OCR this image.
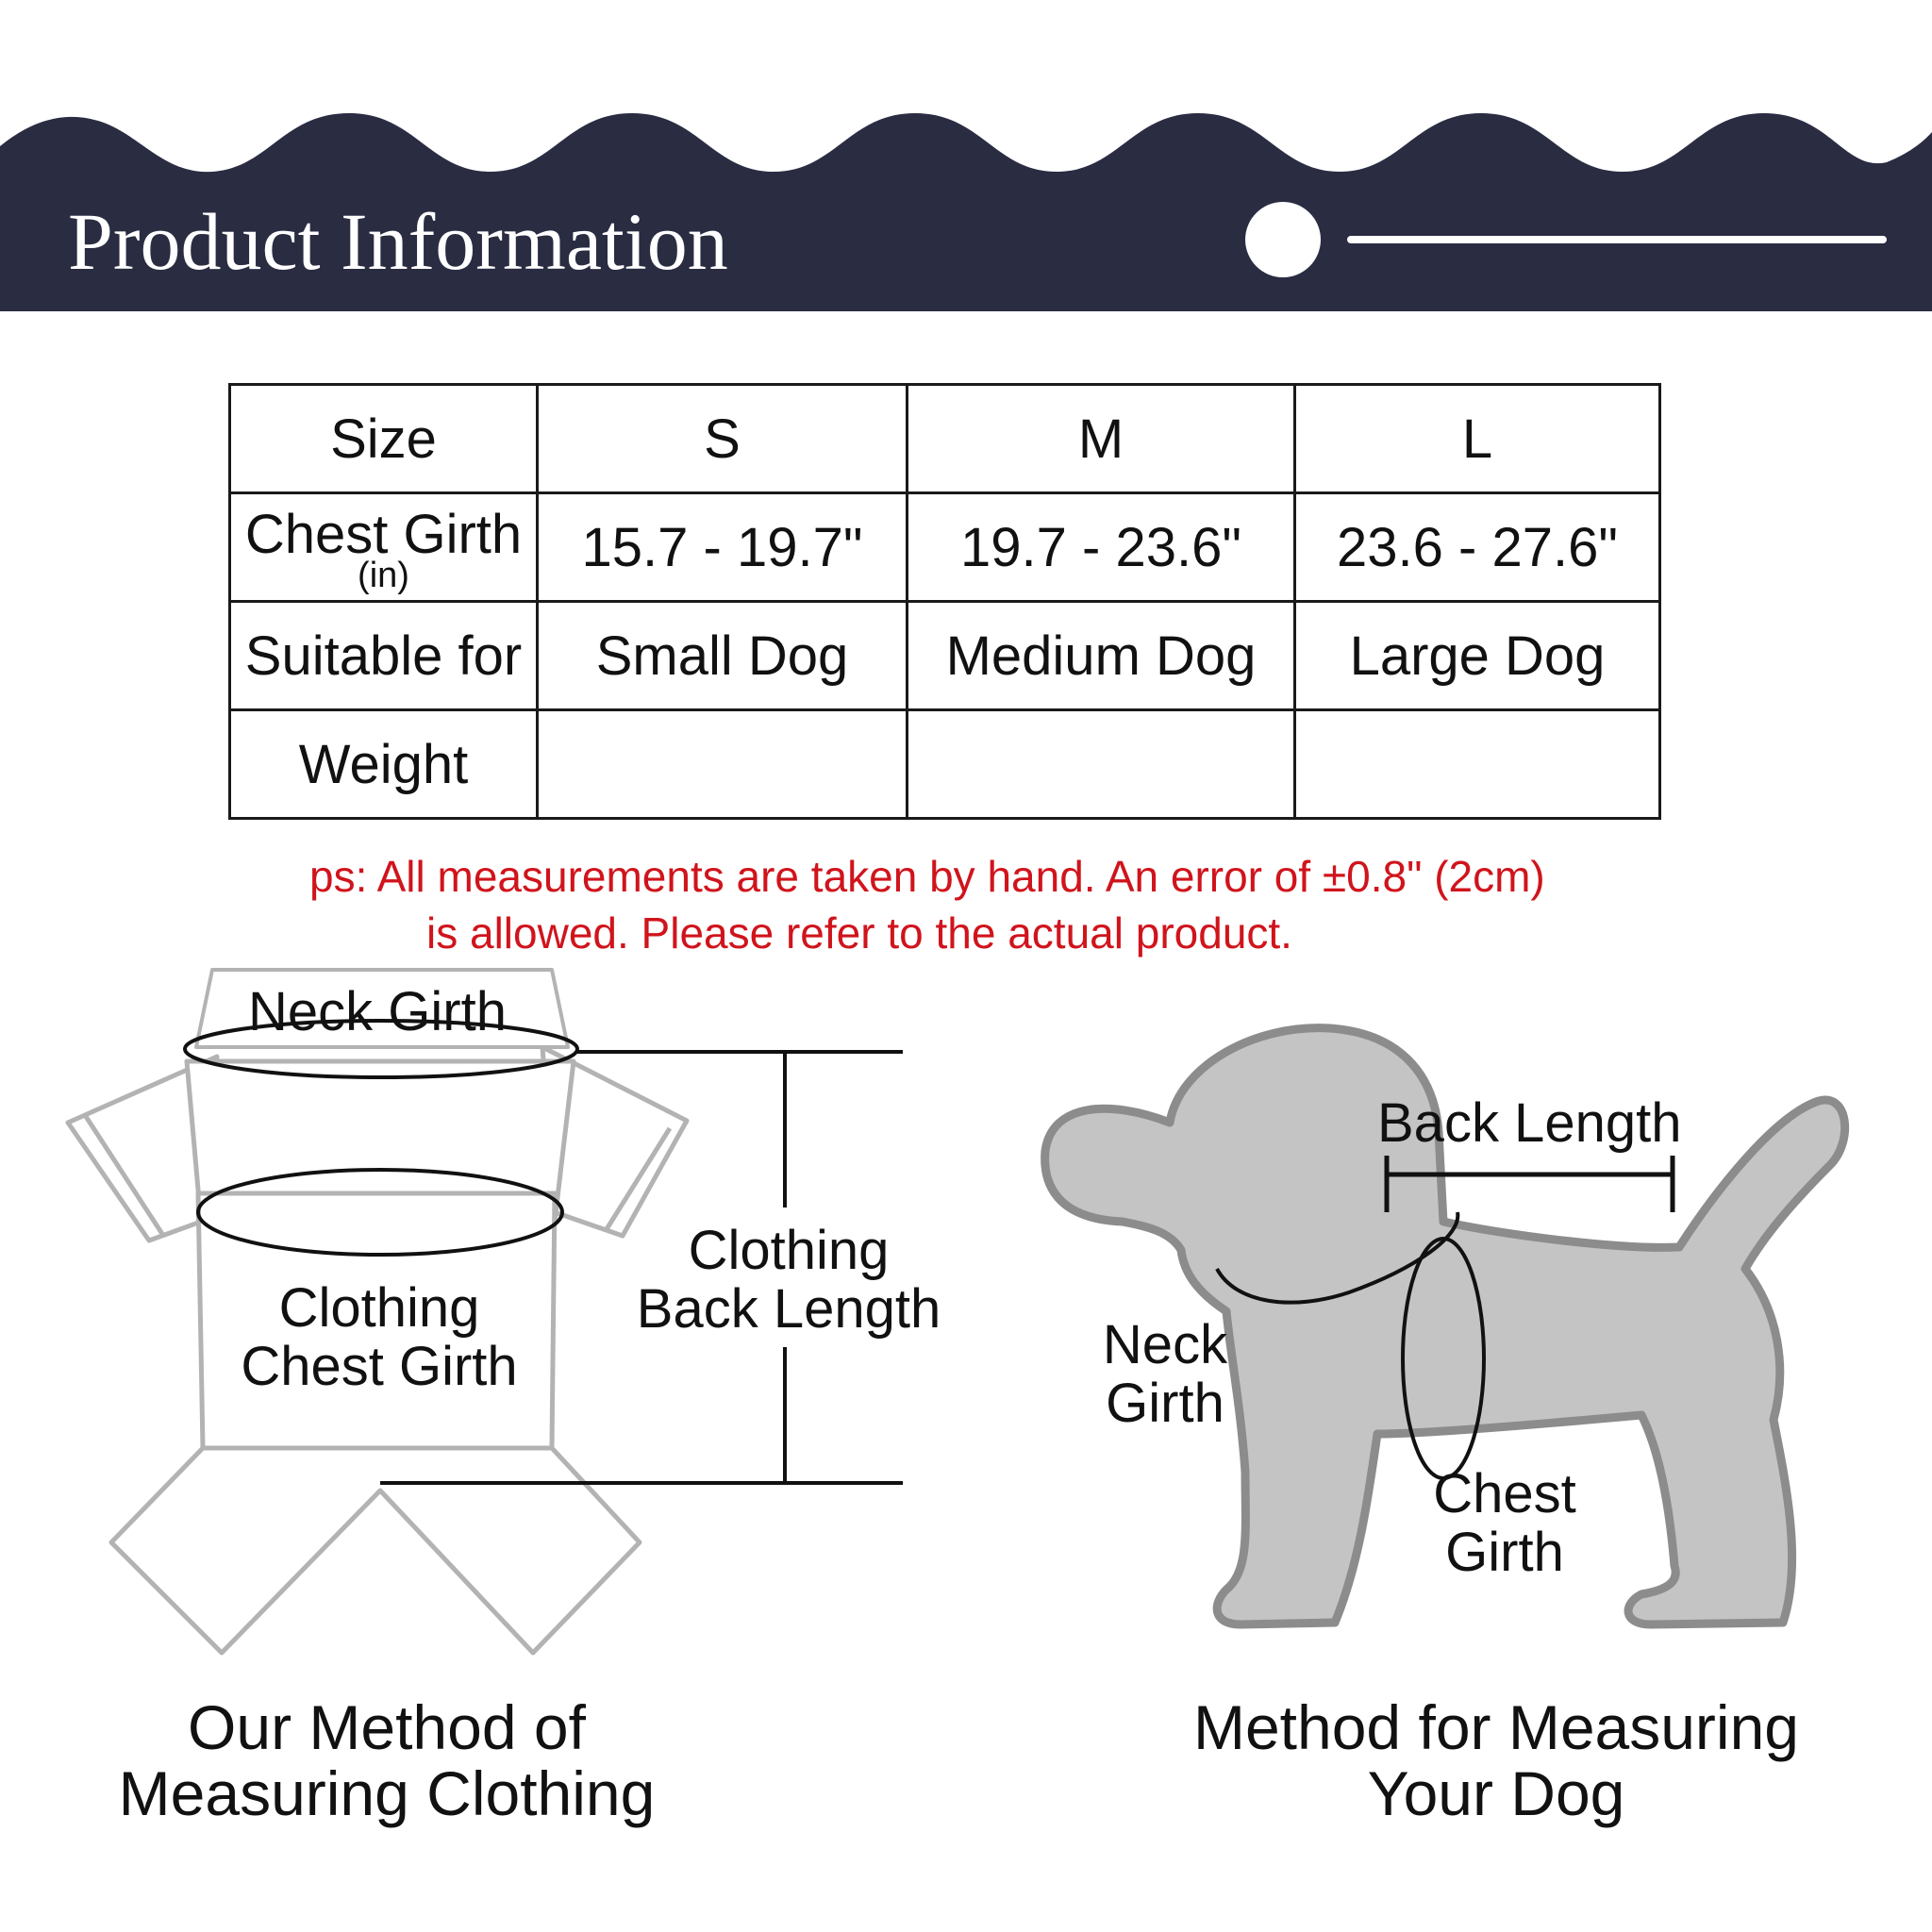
Product Information
Size	S	M	L

Chest Girth
(in)	15.7 - 19.7"	19.7 - 23.6"	23.6 - 27.6"
Suitable for	Small Dog	Medium Dog	Large Dog
Weight			

ps: All measurements are taken by hand. An error of ±0.8" (2cm)

is allowed. Please refer to the actual product.

Neck Girth

Clothing

Chest Girth

Clothing

Back Length

Our Method of

Measuring Clothing

Back Length

Neck

Girth

Chest

Girth

Method for Measuring

Your Dog
